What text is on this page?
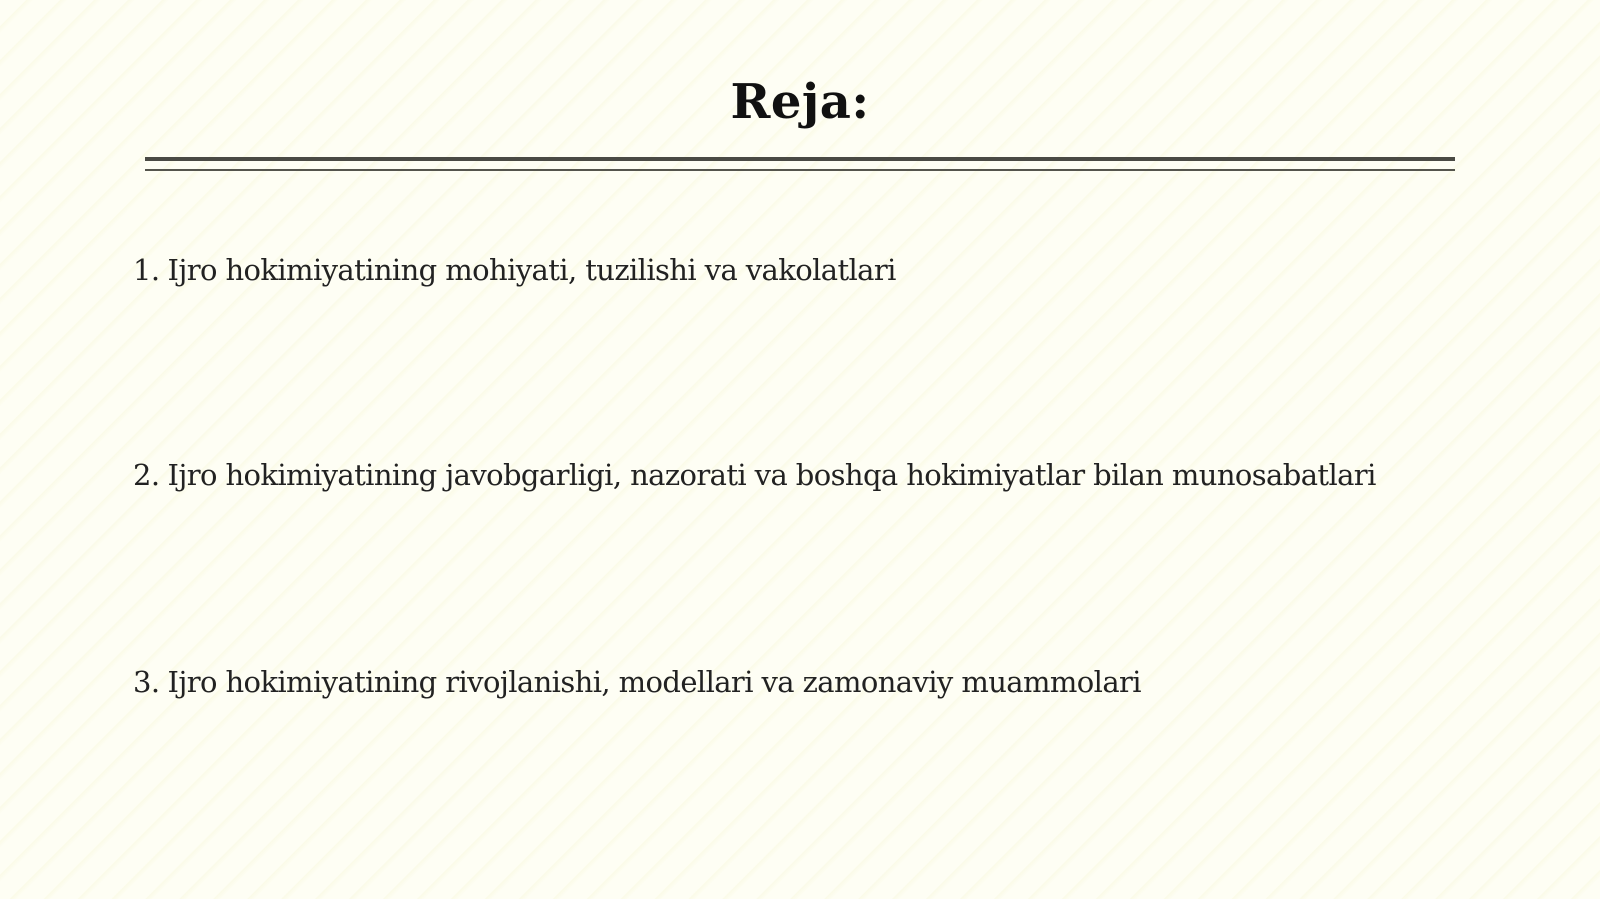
Reja:
1. Ijro hokimiyatining mohiyati, tuzilishi va vakolatlari
2. Ijro hokimiyatining javobgarligi, nazorati va boshqa hokimiyatlar bilan munosabatlari
3. Ijro hokimiyatining rivojlanishi, modellari va zamonaviy muammolari
